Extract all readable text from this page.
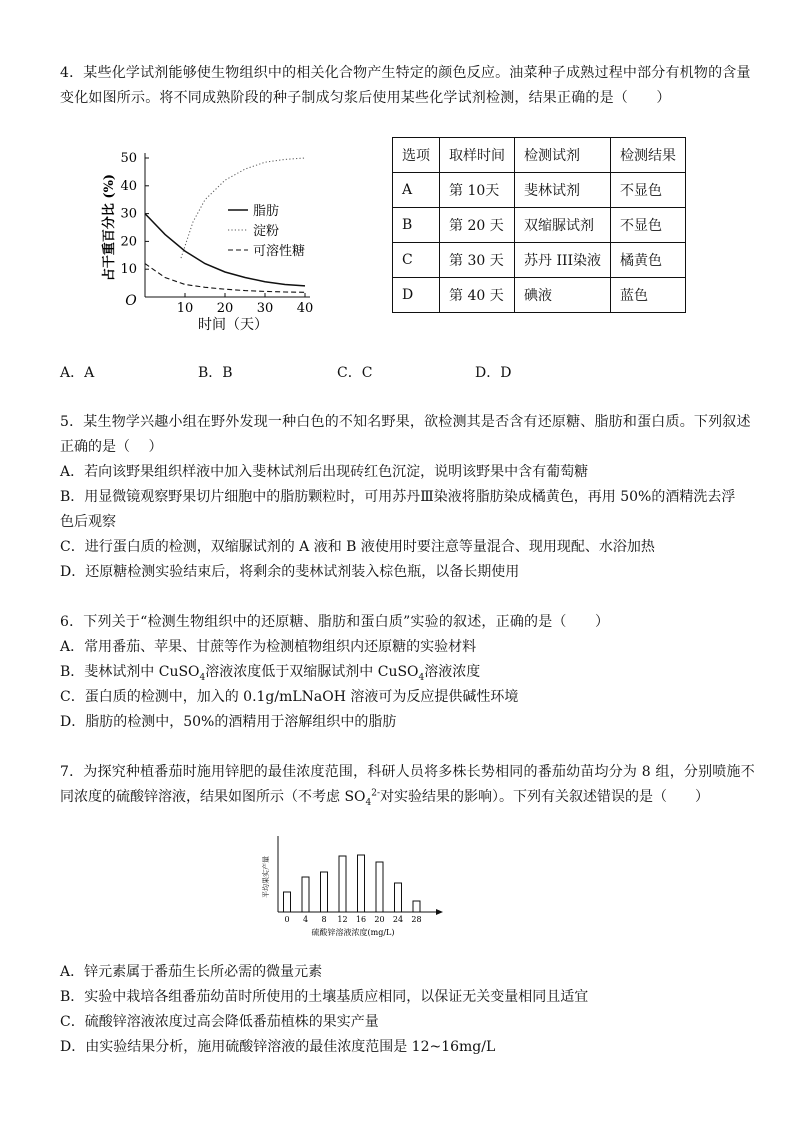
4．某些化学试剂能够使生物组织中的相关化合物产生特定的颜色反应。油菜种子成熟过程中部分有机物的含量
变化如图所示。将不同成熟阶段的种子制成匀浆后使用某些化学试剂检测，结果正确的是（　　）
10
20
30
40
50
10 20 30 40
O
时间（天）
占干重百分比 (%)	脂肪
淀粉
可溶性糖
选项	取样时间	检测试剂	检测结果
A	第 10天	斐林试剂	不显色
B	第 20 天	双缩脲试剂	不显色
C	第 30 天	苏丹 III染液	橘黄色
D	第 40 天	碘液	蓝色
A．A	B．B	C．C	D．D
5．某生物学兴趣小组在野外发现一种白色的不知名野果，欲检测其是否含有还原糖、脂肪和蛋白质。下列叙述
正确的是（　 ）
A．若向该野果组织样液中加入斐林试剂后出现砖红色沉淀，说明该野果中含有葡萄糖
B．用显微镜观察野果切片细胞中的脂肪颗粒时，可用苏丹Ⅲ染液将脂肪染成橘黄色，再用 50%的酒精洗去浮
色后观察
C．进行蛋白质的检测，双缩脲试剂的 A 液和 B 液使用时要注意等量混合、现用现配、水浴加热
D．还原糖检测实验结束后，将剩余的斐林试剂装入棕色瓶，以备长期使用
6．下列关于“检测生物组织中的还原糖、脂肪和蛋白质”实验的叙述，正确的是（　　）
A．常用番茄、苹果、甘蔗等作为检测植物组织内还原糖的实验材料
B．斐林试剂中 CuSO$_4$溶液浓度低于双缩脲试剂中 CuSO$_4$溶液浓度
C．蛋白质的检测中，加入的 0.1g/mLNaOH 溶液可为反应提供碱性环境
D．脂肪的检测中，50%的酒精用于溶解组织中的脂肪
7．为探究种植番茄时施用锌肥的最佳浓度范围，科研人员将多株长势相同的番茄幼苗均分为 8 组，分别喷施不
同浓度的硫酸锌溶液，结果如图所示（不考虑 $SO_4^{2-}$对实验结果的影响）。下列有关叙述错误的是（　　）
0 4 8 12 16 20 24 28
硫酸锌溶液浓度(mg/L)
平均果实产量
A．锌元素属于番茄生长所必需的微量元素
B．实验中栽培各组番茄幼苗时所使用的土壤基质应相同，以保证无关变量相同且适宜
C．硫酸锌溶液浓度过高会降低番茄植株的果实产量
D．由实验结果分析，施用硫酸锌溶液的最佳浓度范围是 12~16mg/L
